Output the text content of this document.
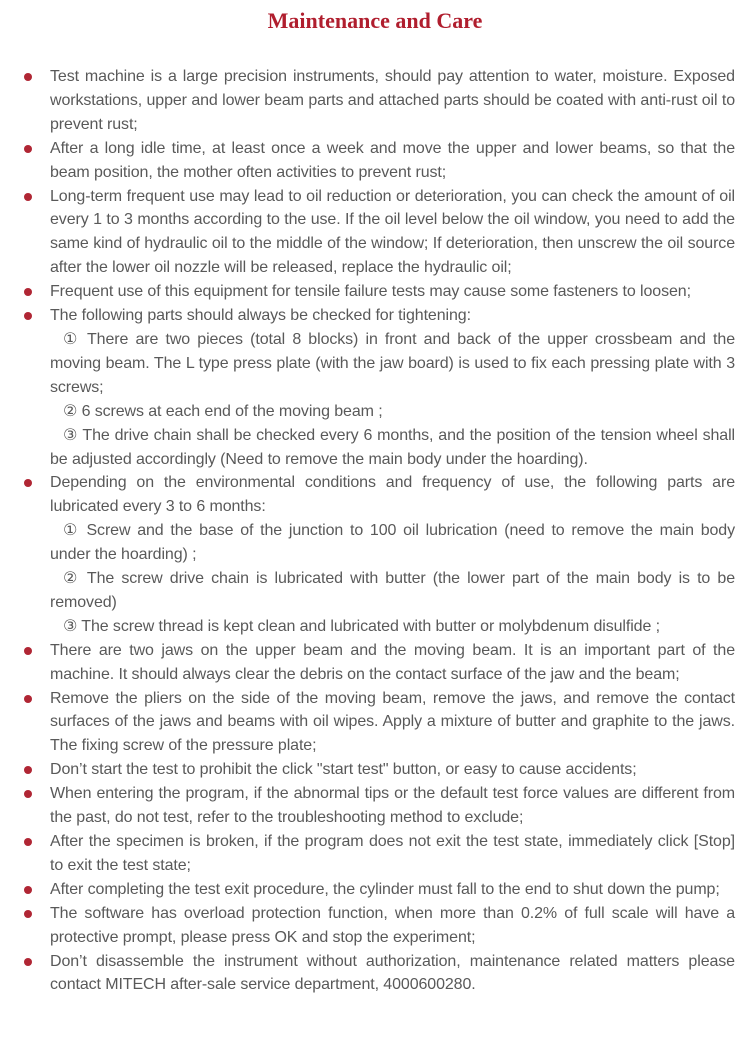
Maintenance and Care

Test machine is a large precision instruments, should pay attention to water, moisture. Exposed workstations, upper and lower beam parts and attached parts should be coated with anti-rust oil to prevent rust;

After a long idle time, at least once a week and move the upper and lower beams, so that the beam position, the mother often activities to prevent rust;

Long-term frequent use may lead to oil reduction or deterioration, you can check the amount of oil every 1 to 3 months according to the use. If the oil level below the oil window, you need to add the same kind of hydraulic oil to the middle of the window; If deterioration, then unscrew the oil source after the lower oil nozzle will be released, replace the hydraulic oil;

Frequent use of this equipment for tensile failure tests may cause some fasteners to loosen;

The following parts should always be checked for tightening:

① There are two pieces (total 8 blocks) in front and back of the upper crossbeam and the moving beam. The L type press plate (with the jaw board) is used to fix each pressing plate with 3 screws;

② 6 screws at each end of the moving beam ;

③ The drive chain shall be checked every 6 months, and the position of the tension wheel shall be adjusted accordingly (Need to remove the main body under the hoarding).

Depending on the environmental conditions and frequency of use, the following parts are lubricated every 3 to 6 months:

① Screw and the base of the junction to 100 oil lubrication (need to remove the main body under the hoarding) ;

② The screw drive chain is lubricated with butter (the lower part of the main body is to be removed)

③ The screw thread is kept clean and lubricated with butter or molybdenum disulfide ;

There are two jaws on the upper beam and the moving beam. It is an important part of the machine. It should always clear the debris on the contact surface of the jaw and the beam;

Remove the pliers on the side of the moving beam, remove the jaws, and remove the contact surfaces of the jaws and beams with oil wipes. Apply a mixture of butter and graphite to the jaws. The fixing screw of the pressure plate;

Don’t start the test to prohibit the click "start test" button, or easy to cause accidents;

When entering the program, if the abnormal tips or the default test force values are different from the past, do not test, refer to the troubleshooting method to exclude;

After the specimen is broken, if the program does not exit the test state, immediately click [Stop] to exit the test state;

After completing the test exit procedure, the cylinder must fall to the end to shut down the pump;

The software has overload protection function, when more than 0.2% of full scale will have a protective prompt, please press OK and stop the experiment;

Don’t disassemble the instrument without authorization, maintenance related matters please contact MITECH after-sale service department, 4000600280.
